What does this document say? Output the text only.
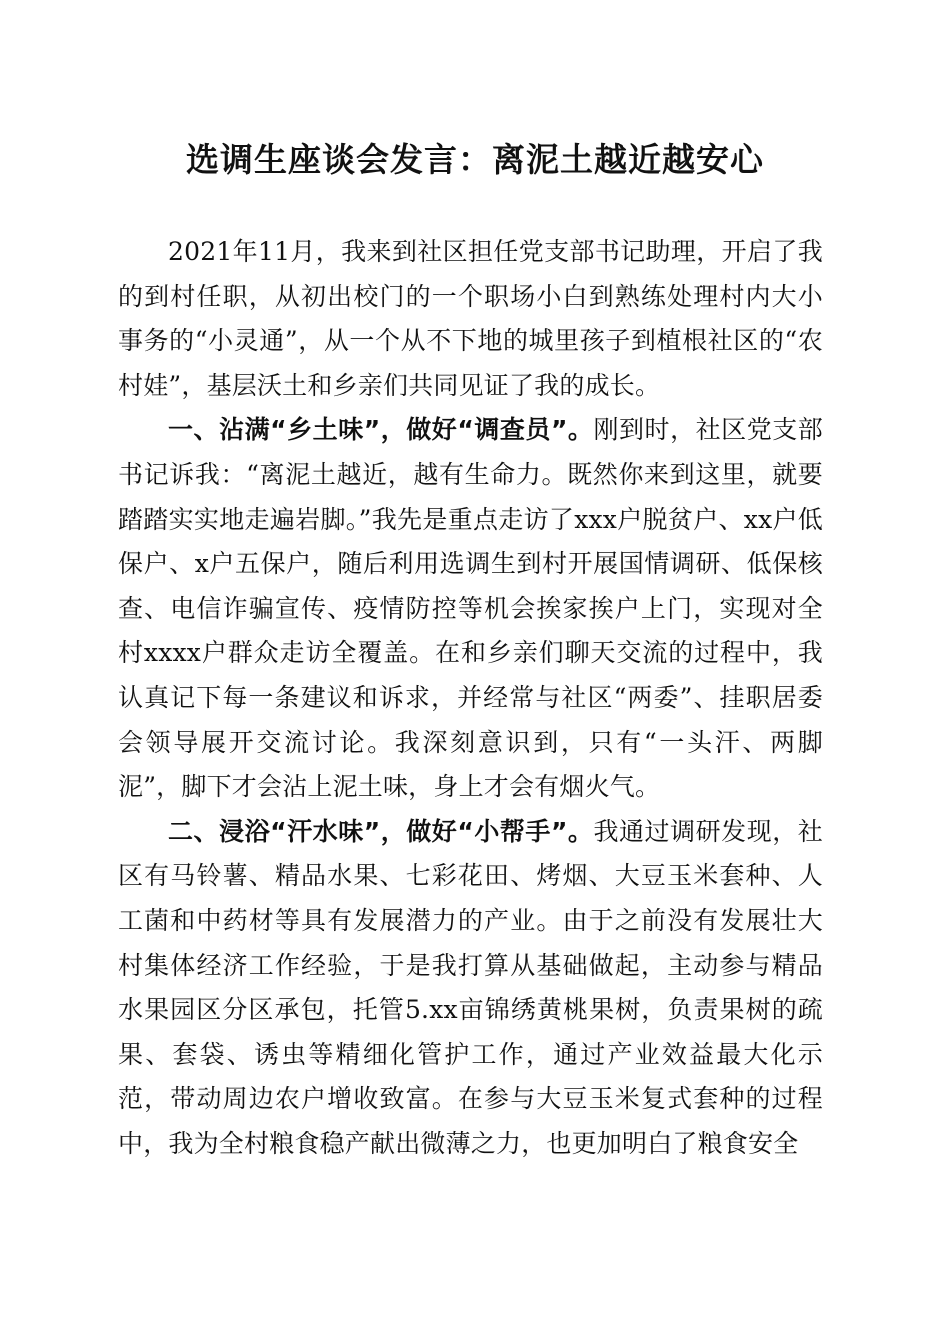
选调生座谈会发言：离泥土越近越安心

2021年11月，我来到社区担任党支部书记助理，开启了我的到村任职，从初出校门的一个职场小白到熟练处理村内大小事务的“小灵通”，从一个从不下地的城里孩子到植根社区的“农村娃”，基层沃土和乡亲们共同见证了我的成长。

一、沾满“乡土味”，做好“调查员”。刚到时，社区党支部书记诉我：“离泥土越近，越有生命力。既然你来到这里，就要踏踏实实地走遍岩脚。”我先是重点走访了xxx户脱贫户、xx户低保户、x户五保户，随后利用选调生到村开展国情调研、低保核查、电信诈骗宣传、疫情防控等机会挨家挨户上门，实现对全村xxxx户群众走访全覆盖。在和乡亲们聊天交流的过程中，我认真记下每一条建议和诉求，并经常与社区“两委”、挂职居委会领导展开交流讨论。我深刻意识到，只有“一头汗、两脚泥”，脚下才会沾上泥土味，身上才会有烟火气。

二、浸浴“汗水味”，做好“小帮手”。我通过调研发现，社区有马铃薯、精品水果、七彩花田、烤烟、大豆玉米套种、人工菌和中药材等具有发展潜力的产业。由于之前没有发展壮大村集体经济工作经验，于是我打算从基础做起，主动参与精品水果园区分区承包，托管5.xx亩锦绣黄桃果树，负责果树的疏果、套袋、诱虫等精细化管护工作，通过产业效益最大化示范，带动周边农户增收致富。在参与大豆玉米复式套种的过程中，我为全村粮食稳产献出微薄之力，也更加明白了粮食安全
